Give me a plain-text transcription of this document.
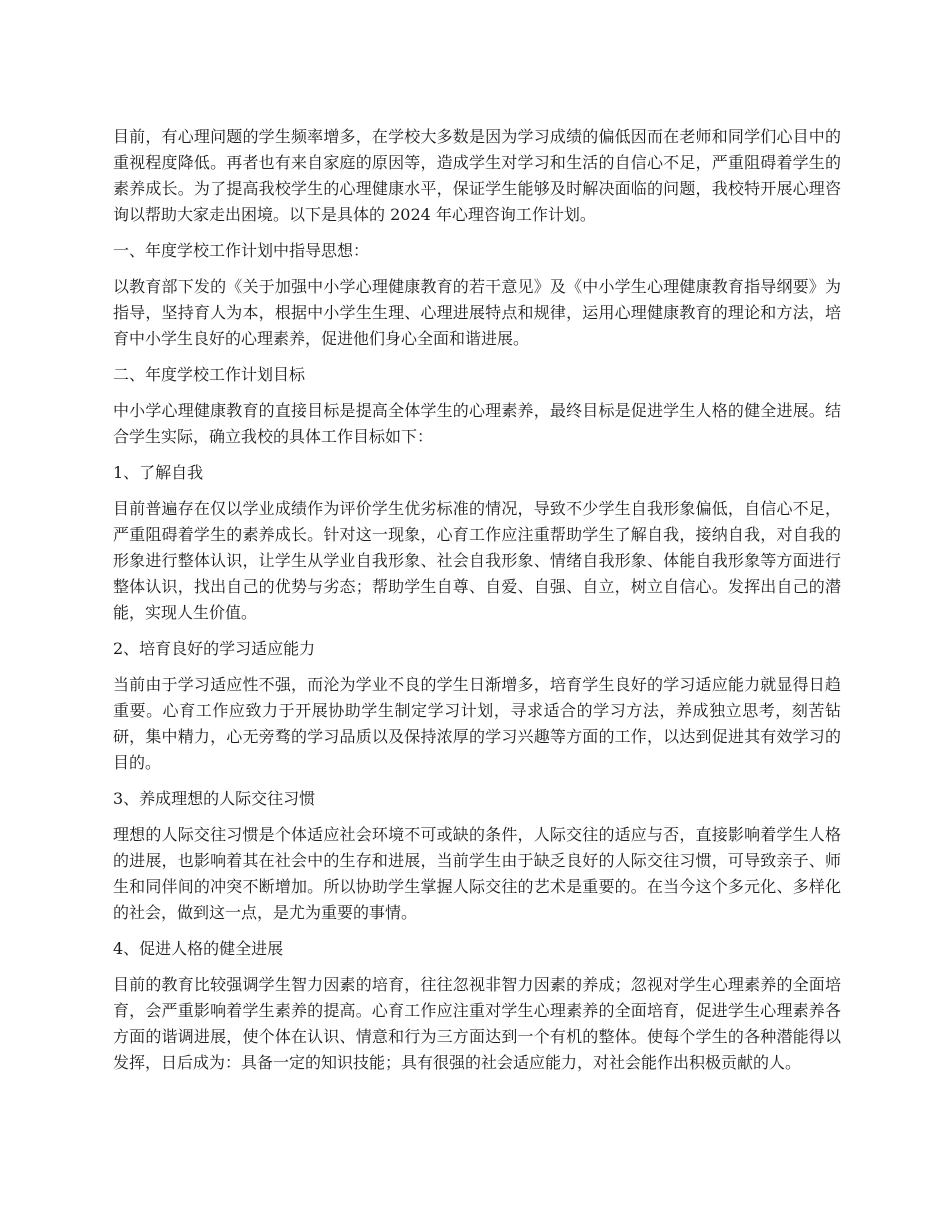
目前，有心理问题的学生频率增多，在学校大多数是因为学习成绩的偏低因而在老师和同学们心目中的重视程度降低。再者也有来自家庭的原因等，造成学生对学习和生活的自信心不足，严重阻碍着学生的素养成长。为了提高我校学生的心理健康水平，保证学生能够及时解决面临的问题，我校特开展心理咨询以帮助大家走出困境。以下是具体的 2024 年心理咨询工作计划。

一、年度学校工作计划中指导思想：

以教育部下发的《关于加强中小学心理健康教育的若干意见》及《中小学生心理健康教育指导纲要》为指导，坚持育人为本，根据中小学生生理、心理进展特点和规律，运用心理健康教育的理论和方法，培育中小学生良好的心理素养，促进他们身心全面和谐进展。

二、年度学校工作计划目标

中小学心理健康教育的直接目标是提高全体学生的心理素养，最终目标是促进学生人格的健全进展。结合学生实际，确立我校的具体工作目标如下：

1、了解自我

目前普遍存在仅以学业成绩作为评价学生优劣标准的情况，导致不少学生自我形象偏低，自信心不足，严重阻碍着学生的素养成长。针对这一现象，心育工作应注重帮助学生了解自我，接纳自我，对自我的形象进行整体认识，让学生从学业自我形象、社会自我形象、情绪自我形象、体能自我形象等方面进行整体认识，找出自己的优势与劣态；帮助学生自尊、自爱、自强、自立，树立自信心。发挥出自己的潜能，实现人生价值。

2、培育良好的学习适应能力

当前由于学习适应性不强，而沦为学业不良的学生日渐增多，培育学生良好的学习适应能力就显得日趋重要。心育工作应致力于开展协助学生制定学习计划，寻求适合的学习方法，养成独立思考，刻苦钻研，集中精力，心无旁骛的学习品质以及保持浓厚的学习兴趣等方面的工作，以达到促进其有效学习的目的。

3、养成理想的人际交往习惯

理想的人际交往习惯是个体适应社会环境不可或缺的条件，人际交往的适应与否，直接影响着学生人格的进展，也影响着其在社会中的生存和进展，当前学生由于缺乏良好的人际交往习惯，可导致亲子、师生和同伴间的冲突不断增加。所以协助学生掌握人际交往的艺术是重要的。在当今这个多元化、多样化的社会，做到这一点，是尤为重要的事情。

4、促进人格的健全进展

目前的教育比较强调学生智力因素的培育，往往忽视非智力因素的养成；忽视对学生心理素养的全面培育，会严重影响着学生素养的提高。心育工作应注重对学生心理素养的全面培育，促进学生心理素养各方面的谐调进展，使个体在认识、情意和行为三方面达到一个有机的整体。使每个学生的各种潜能得以发挥，日后成为：具备一定的知识技能；具有很强的社会适应能力，对社会能作出积极贡献的人。
